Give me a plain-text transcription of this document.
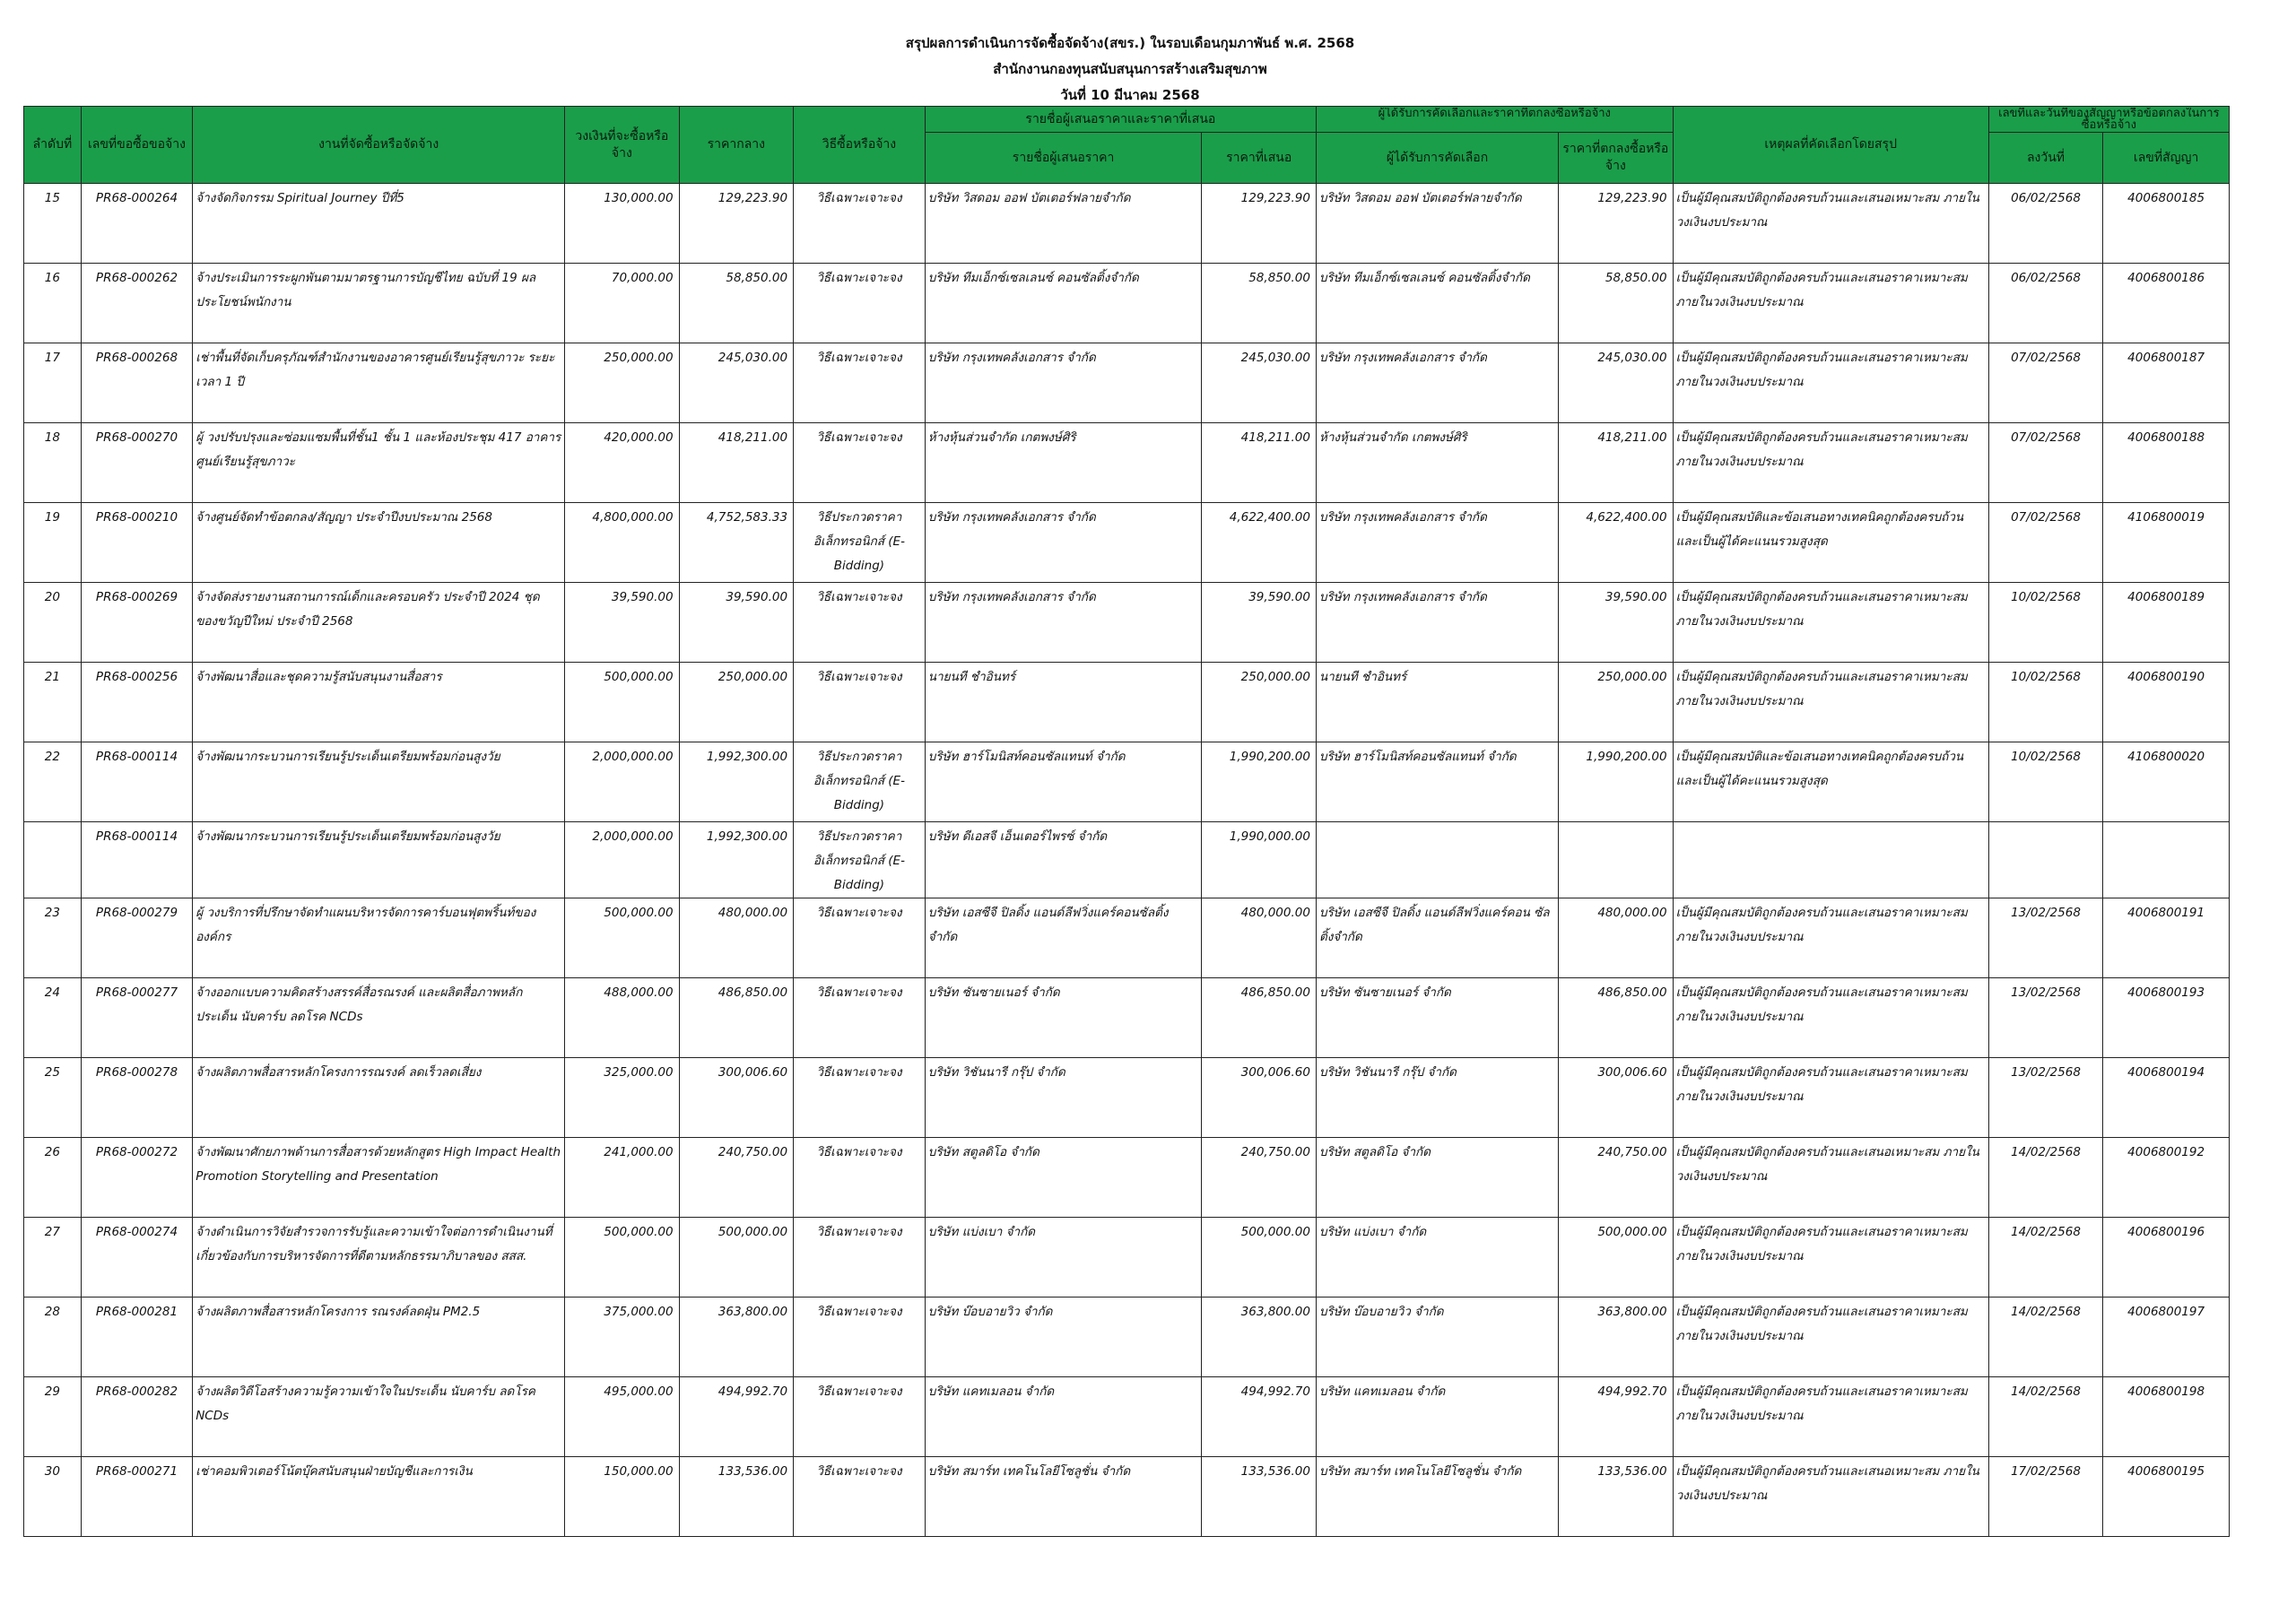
สรุปผลการดำเนินการจัดซื้อจัดจ้าง(สขร.) ในรอบเดือนกุมภาพันธ์ พ.ศ. 2568
สำนักงานกองทุนสนับสนุนการสร้างเสริมสุขภาพ
วันที่ 10 มีนาคม 2568
ลำดับที่	เลขที่ขอซื้อขอจ้าง	งานที่จัดซื้อหรือจัดจ้าง	วงเงินที่จะซื้อหรือจ้าง	ราคากลาง	วิธีซื้อหรือจ้าง	รายชื่อผู้เสนอราคาและราคาที่เสนอ		ผู้ได้รับการคัดเลือกและราคาที่ตกลงซื้อหรือจ้าง		เหตุผลที่คัดเลือกโดยสรุป	เลขที่และวันที่ของสัญญาหรือข้อตกลงในการซื้อหรือจ้าง	

						รายชื่อผู้เสนอราคา	ราคาที่เสนอ	ผู้ได้รับการคัดเลือก	ราคาที่ตกลงซื้อหรือจ้าง		ลงวันที่	เลขที่สัญญา
15	PR68-000264	จ้างจัดกิจกรรม Spiritual Journey ปีที่5	130,000.00	129,223.90	วิธีเฉพาะเจาะจง	บริษัท วิสดอม ออฟ บัตเตอร์ฟลายจำกัด	129,223.90	บริษัท วิสดอม ออฟ บัตเตอร์ฟลายจำกัด	129,223.90	เป็นผู้มีคุณสมบัติถูกต้องครบถ้วนและเสนอเหมาะสม ภายในวงเงินงบประมาณ	06/02/2568	4006800185
16	PR68-000262	จ้างประเมินการระผูกพันตามมาตรฐานการบัญชีไทย ฉบับที่ 19 ผลประโยชน์พนักงาน	70,000.00	58,850.00	วิธีเฉพาะเจาะจง	บริษัท ทีมเอ็กซ์เซลเลนซ์ คอนซัลติ้งจำกัด	58,850.00	บริษัท ทีมเอ็กซ์เซลเลนซ์ คอนซัลติ้งจำกัด	58,850.00	เป็นผู้มีคุณสมบัติถูกต้องครบถ้วนและเสนอราคาเหมาะสม ภายในวงเงินงบประมาณ	06/02/2568	4006800186
17	PR68-000268	เช่าพื้นที่จัดเก็บครุภัณฑ์สำนักงานของอาคารศูนย์เรียนรู้สุขภาวะ ระยะเวลา 1 ปี	250,000.00	245,030.00	วิธีเฉพาะเจาะจง	บริษัท กรุงเทพคลังเอกสาร จำกัด	245,030.00	บริษัท กรุงเทพคลังเอกสาร จำกัด	245,030.00	เป็นผู้มีคุณสมบัติถูกต้องครบถ้วนและเสนอราคาเหมาะสม ภายในวงเงินงบประมาณ	07/02/2568	4006800187
18	PR68-000270	ผู้ วงปรับปรุงและซ่อมแซมพื้นที่ชั้น1 ชั้น 1 และห้องประชุม 417 อาคารศูนย์เรียนรู้สุขภาวะ	420,000.00	418,211.00	วิธีเฉพาะเจาะจง	ห้างหุ้นส่วนจำกัด เกตพงษ์ศิริ	418,211.00	ห้างหุ้นส่วนจำกัด เกตพงษ์ศิริ	418,211.00	เป็นผู้มีคุณสมบัติถูกต้องครบถ้วนและเสนอราคาเหมาะสม ภายในวงเงินงบประมาณ	07/02/2568	4006800188
19	PR68-000210	จ้างศูนย์จัดทำข้อตกลง/สัญญา ประจำปีงบประมาณ 2568	4,800,000.00	4,752,583.33	วิธีประกวดราคาอิเล็กทรอนิกส์ (E-Bidding)	บริษัท กรุงเทพคลังเอกสาร จำกัด	4,622,400.00	บริษัท กรุงเทพคลังเอกสาร จำกัด	4,622,400.00	เป็นผู้มีคุณสมบัติและข้อเสนอทางเทคนิคถูกต้องครบถ้วน และเป็นผู้ได้คะแนนรวมสูงสุด	07/02/2568	4106800019
20	PR68-000269	จ้างจัดส่งรายงานสถานการณ์เด็กและครอบครัว ประจำปี 2024 ชุด ของขวัญปีใหม่ ประจำปี 2568	39,590.00	39,590.00	วิธีเฉพาะเจาะจง	บริษัท กรุงเทพคลังเอกสาร จำกัด	39,590.00	บริษัท กรุงเทพคลังเอกสาร จำกัด	39,590.00	เป็นผู้มีคุณสมบัติถูกต้องครบถ้วนและเสนอราคาเหมาะสม ภายในวงเงินงบประมาณ	10/02/2568	4006800189
21	PR68-000256	จ้างพัฒนาสื่อและชุดความรู้สนับสนุนงานสื่อสาร	500,000.00	250,000.00	วิธีเฉพาะเจาะจง	นายนที ชำอินทร์	250,000.00	นายนที ชำอินทร์	250,000.00	เป็นผู้มีคุณสมบัติถูกต้องครบถ้วนและเสนอราคาเหมาะสม ภายในวงเงินงบประมาณ	10/02/2568	4006800190
22	PR68-000114	จ้างพัฒนากระบวนการเรียนรู้ประเด็นเตรียมพร้อมก่อนสูงวัย	2,000,000.00	1,992,300.00	วิธีประกวดราคาอิเล็กทรอนิกส์ (E-Bidding)	บริษัท ฮาร์โมนิสท์คอนซัลแทนท์ จำกัด	1,990,200.00	บริษัท ฮาร์โมนิสท์คอนซัลแทนท์ จำกัด	1,990,200.00	เป็นผู้มีคุณสมบัติและข้อเสนอทางเทคนิคถูกต้องครบถ้วน และเป็นผู้ได้คะแนนรวมสูงสุด	10/02/2568	4106800020
	PR68-000114	จ้างพัฒนากระบวนการเรียนรู้ประเด็นเตรียมพร้อมก่อนสูงวัย	2,000,000.00	1,992,300.00	วิธีประกวดราคาอิเล็กทรอนิกส์ (E-Bidding)	บริษัท ดีเอสจี เอ็นเตอร์ไพรซ์ จำกัด	1,990,000.00					
23	PR68-000279	ผู้ วงบริการที่ปรึกษาจัดทำแผนบริหารจัดการคาร์บอนฟุตพริ้นท์ของ องค์กร	500,000.00	480,000.00	วิธีเฉพาะเจาะจง	บริษัท เอสซีจี ปิลดิ้ง แอนด์ลีฟวิ่งแคร์คอนซัลติ้ง จำกัด	480,000.00	บริษัท เอสซีจี ปิลดิ้ง แอนด์ลีฟวิ่งแคร์คอน ซัลติ้งจำกัด	480,000.00	เป็นผู้มีคุณสมบัติถูกต้องครบถ้วนและเสนอราคาเหมาะสม ภายในวงเงินงบประมาณ	13/02/2568	4006800191
24	PR68-000277	จ้างออกแบบความคิดสร้างสรรค์สื่อรณรงค์ และผลิตสื่อภาพหลัก ประเด็น นับคาร์บ ลดโรค NCDs	488,000.00	486,850.00	วิธีเฉพาะเจาะจง	บริษัท ซันซายเนอร์ จำกัด	486,850.00	บริษัท ซันซายเนอร์ จำกัด	486,850.00	เป็นผู้มีคุณสมบัติถูกต้องครบถ้วนและเสนอราคาเหมาะสม ภายในวงเงินงบประมาณ	13/02/2568	4006800193
25	PR68-000278	จ้างผลิตภาพสื่อสารหลักโครงการรณรงค์ ลดเร็วลดเสี่ยง	325,000.00	300,006.60	วิธีเฉพาะเจาะจง	บริษัท วิชันนารี กรุ๊ป จำกัด	300,006.60	บริษัท วิชันนารี กรุ๊ป จำกัด	300,006.60	เป็นผู้มีคุณสมบัติถูกต้องครบถ้วนและเสนอราคาเหมาะสม ภายในวงเงินงบประมาณ	13/02/2568	4006800194
26	PR68-000272	จ้างพัฒนาศักยภาพด้านการสื่อสารด้วยหลักสูตร High Impact Health Promotion Storytelling and Presentation	241,000.00	240,750.00	วิธีเฉพาะเจาะจง	บริษัท สตูลดิโอ จำกัด	240,750.00	บริษัท สตูลดิโอ จำกัด	240,750.00	เป็นผู้มีคุณสมบัติถูกต้องครบถ้วนและเสนอเหมาะสม ภายในวงเงินงบประมาณ	14/02/2568	4006800192
27	PR68-000274	จ้างดำเนินการวิจัยสำรวจการรับรู้และความเข้าใจต่อการดำเนินงานที่ เกี่ยวข้องกับการบริหารจัดการที่ดีตามหลักธรรมาภิบาลของ สสส.	500,000.00	500,000.00	วิธีเฉพาะเจาะจง	บริษัท แบ่งเบา จำกัด	500,000.00	บริษัท แบ่งเบา จำกัด	500,000.00	เป็นผู้มีคุณสมบัติถูกต้องครบถ้วนและเสนอราคาเหมาะสม ภายในวงเงินงบประมาณ	14/02/2568	4006800196
28	PR68-000281	จ้างผลิตภาพสื่อสารหลักโครงการ รณรงค์ลดฝุ่น PM2.5	375,000.00	363,800.00	วิธีเฉพาะเจาะจง	บริษัท บ๊อบอายวิว จำกัด	363,800.00	บริษัท บ๊อบอายวิว จำกัด	363,800.00	เป็นผู้มีคุณสมบัติถูกต้องครบถ้วนและเสนอราคาเหมาะสม ภายในวงเงินงบประมาณ	14/02/2568	4006800197
29	PR68-000282	จ้างผลิตวิดีโอสร้างความรู้ความเข้าใจในประเด็น นับคาร์บ ลดโรค NCDs	495,000.00	494,992.70	วิธีเฉพาะเจาะจง	บริษัท แคทเมลอน จำกัด	494,992.70	บริษัท แคทเมลอน จำกัด	494,992.70	เป็นผู้มีคุณสมบัติถูกต้องครบถ้วนและเสนอราคาเหมาะสม ภายในวงเงินงบประมาณ	14/02/2568	4006800198
30	PR68-000271	เช่าคอมพิวเตอร์โน้ตบุ๊คสนับสนุนฝ่ายบัญชีและการเงิน	150,000.00	133,536.00	วิธีเฉพาะเจาะจง	บริษัท สมาร์ท เทคโนโลยีโซลูชั่น จำกัด	133,536.00	บริษัท สมาร์ท เทคโนโลยีโซลูชั่น จำกัด	133,536.00	เป็นผู้มีคุณสมบัติถูกต้องครบถ้วนและเสนอเหมาะสม ภายในวงเงินงบประมาณ	17/02/2568	4006800195
